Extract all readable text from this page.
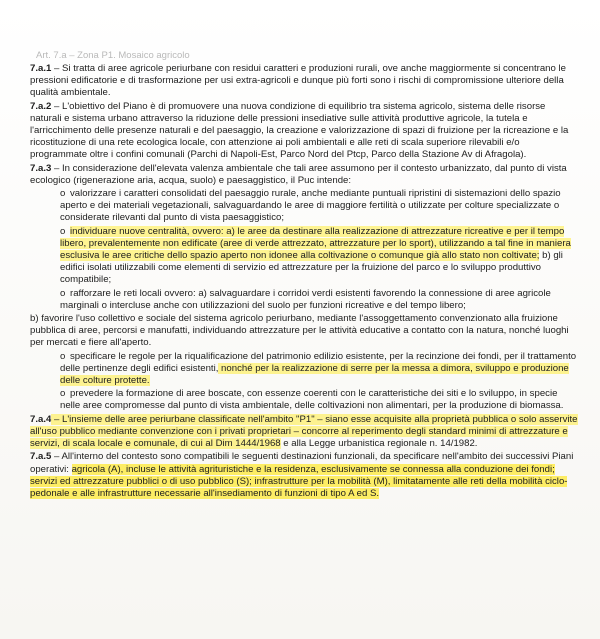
Art. 7.a – Zona P1. Mosaico agricolo

7.a.1 – Si tratta di aree agricole periurbane con residui caratteri e produzioni rurali, ove anche maggiormente si concentrano le pressioni edificatorie e di trasformazione per usi extra-agricoli e dunque più forti sono i rischi di compromissione ulteriore della qualità ambientale.

7.a.2 – L'obiettivo del Piano è di promuovere una nuova condizione di equilibrio tra sistema agricolo, sistema delle risorse naturali e sistema urbano attraverso la riduzione delle pressioni insediative sulle attività produttive agricole, la tutela e l'arricchimento delle presenze naturali e del paesaggio, la creazione e valorizzazione di spazi di fruizione per la ricreazione e la ricostituzione di una rete ecologica locale, con attenzione ai poli ambientali e alle reti di scala superiore rilevabili e/o programmate oltre i confini comunali (Parchi di Napoli-Est, Parco Nord del Ptcp, Parco della Stazione Av di Afragola).

7.a.3 – In considerazione dell'elevata valenza ambientale che tali aree assumono per il contesto urbanizzato, dal punto di vista ecologico (rigenerazione aria, acqua, suolo) e paesaggistico, il Puc intende:

o valorizzare i caratteri consolidati del paesaggio rurale, anche mediante puntuali ripristini di sistemazioni dello spazio aperto e dei materiali vegetazionali, salvaguardando le aree di maggiore fertilità o utilizzate per colture specializzate o considerate rilevanti dal punto di vista paesaggistico;

o individuare nuove centralità, ovvero: a) le aree da destinare alla realizzazione di attrezzature ricreative e per il tempo libero, prevalentemente non edificate (aree di verde attrezzato, attrezzature per lo sport), utilizzando a tal fine in maniera esclusiva le aree critiche dello spazio aperto non idonee alla coltivazione o comunque già allo stato non coltivate; b) gli edifici isolati utilizzabili come elementi di servizio ed attrezzature per la fruizione del parco e lo sviluppo produttivo compatibile;

o rafforzare le reti locali ovvero: a) salvaguardare i corridoi verdi esistenti favorendo la connessione di aree agricole marginali o intercluse anche con utilizzazioni del suolo per funzioni ricreative e del tempo libero;

b) favorire l'uso collettivo e sociale del sistema agricolo periurbano, mediante l'assoggettamento convenzionato alla fruizione pubblica di aree, percorsi e manufatti, individuando attrezzature per le attività educative a contatto con la natura, nonché luoghi per mercati e fiere all'aperto.

o specificare le regole per la riqualificazione del patrimonio edilizio esistente, per la recinzione dei fondi, per il trattamento delle pertinenze degli edifici esistenti, nonché per la realizzazione di serre per la messa a dimora, sviluppo e produzione delle colture protette.

o prevedere la formazione di aree boscate, con essenze coerenti con le caratteristiche dei siti e lo sviluppo, in specie nelle aree compromesse dal punto di vista ambientale, delle coltivazioni non alimentari, per la produzione di biomassa.

7.a.4 – L'insieme delle aree periurbane classificate nell'ambito "P1" – siano esse acquisite alla proprietà pubblica o solo asservite all'uso pubblico mediante convenzione con i privati proprietari – concorre al reperimento degli standard minimi di attrezzature e servizi, di scala locale e comunale, di cui al Dim 1444/1968 e alla Legge urbanistica regionale n. 14/1982.

7.a.5 – All'interno del contesto sono compatibili le seguenti destinazioni funzionali, da specificare nell'ambito dei successivi Piani operativi: agricola (A), incluse le attività agrituristiche e la residenza, esclusivamente se connessa alla conduzione dei fondi; servizi ed attrezzature pubblici o di uso pubblico (S); infrastrutture per la mobilità (M), limitatamente alle reti della mobilità ciclo-pedonale e alle infrastrutture necessarie all'insediamento di funzioni di tipo A ed S.
